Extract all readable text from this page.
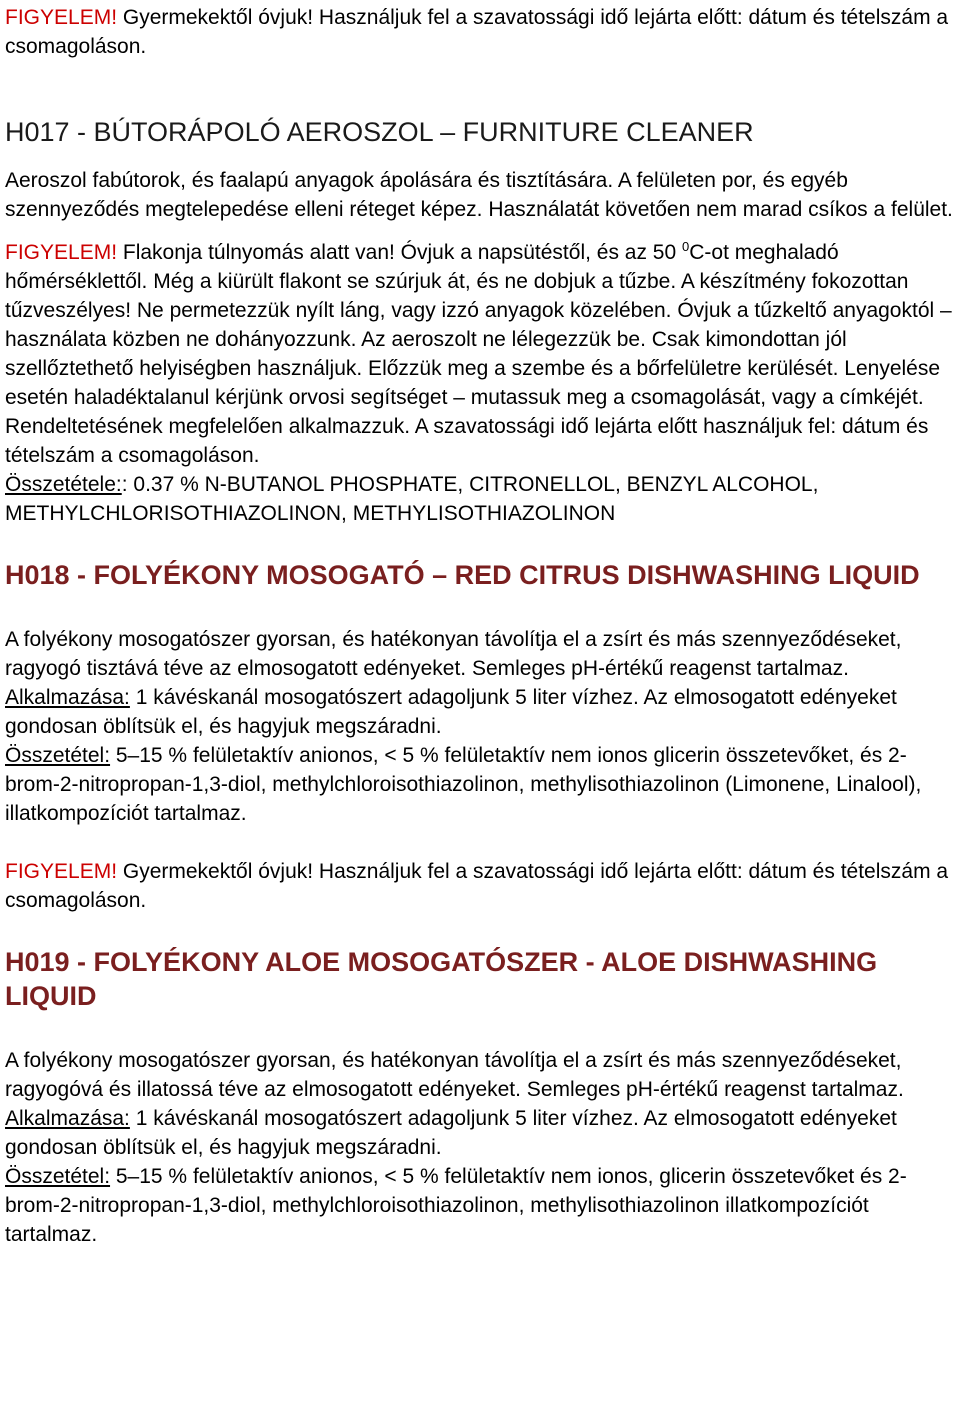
FIGYELEM! Gyermekektől óvjuk! Használjuk fel a szavatossági idő lejárta előtt: dátum és tételszám a csomagoláson.

H017 - BÚTORÁPOLÓ AEROSZOL – FURNITURE CLEANER

Aeroszol fabútorok, és faalapú anyagok ápolására és tisztítására. A felületen por, és egyéb szennyeződés megtelepedése elleni réteget képez. Használatát követően nem marad csíkos a felület.

FIGYELEM! Flakonja túlnyomás alatt van! Óvjuk a napsütéstől, és az 50 $^0$C-ot meghaladó hőmérséklettől. Még a kiürült flakont se szúrjuk át, és ne dobjuk a tűzbe. A készítmény fokozottan tűzveszélyes! Ne permetezzük nyílt láng, vagy izzó anyagok közelében. Óvjuk a tűzkeltő anyagoktól – használata közben ne dohányozzunk. Az aeroszolt ne lélegezzük be. Csak kimondottan jól szellőztethető helyiségben használjuk. Előzzük meg a szembe és a bőrfelületre kerülését. Lenyelése esetén haladéktalanul kérjünk orvosi segítséget – mutassuk meg a csomagolását, vagy a címkéjét. Rendeltetésének megfelelően alkalmazzuk. A szavatossági idő lejárta előtt használjuk fel: dátum és tételszám a csomagoláson.

Összetétele:: 0.37 % N-BUTANOL PHOSPHATE, CITRONELLOL, BENZYL ALCOHOL, METHYLCHLORISOTHIAZOLINON, METHYLISOTHIAZOLINON

H018 - FOLYÉKONY MOSOGATÓ – RED CITRUS DISHWASHING LIQUID

A folyékony mosogatószer gyorsan, és hatékonyan távolítja el a zsírt és más szennyeződéseket, ragyogó tisztává téve az elmosogatott edényeket. Semleges pH-értékű reagenst tartalmaz.

Alkalmazása: 1 kávéskanál mosogatószert adagoljunk 5 liter vízhez. Az elmosogatott edényeket gondosan öblítsük el, és hagyjuk megszáradni.

Összetétel: 5–15 % felületaktív anionos, < 5 % felületaktív nem ionos glicerin összetevőket, és 2-brom-2-nitropropan-1,3-diol, methylchloroisothiazolinon, methylisothiazolinon (Limonene, Linalool), illatkompozíciót tartalmaz.

FIGYELEM! Gyermekektől óvjuk! Használjuk fel a szavatossági idő lejárta előtt: dátum és tételszám a csomagoláson.

H019 - FOLYÉKONY ALOE MOSOGATÓSZER - ALOE DISHWASHING LIQUID

A folyékony mosogatószer gyorsan, és hatékonyan távolítja el a zsírt és más szennyeződéseket, ragyogóvá és illatossá téve az elmosogatott edényeket. Semleges pH-értékű reagenst tartalmaz.

Alkalmazása: 1 kávéskanál mosogatószert adagoljunk 5 liter vízhez. Az elmosogatott edényeket gondosan öblítsük el, és hagyjuk megszáradni.

Összetétel: 5–15 % felületaktív anionos, < 5 % felületaktív nem ionos, glicerin összetevőket és 2-brom-2-nitropropan-1,3-diol, methylchloroisothiazolinon, methylisothiazolinon illatkompozíciót tartalmaz.
